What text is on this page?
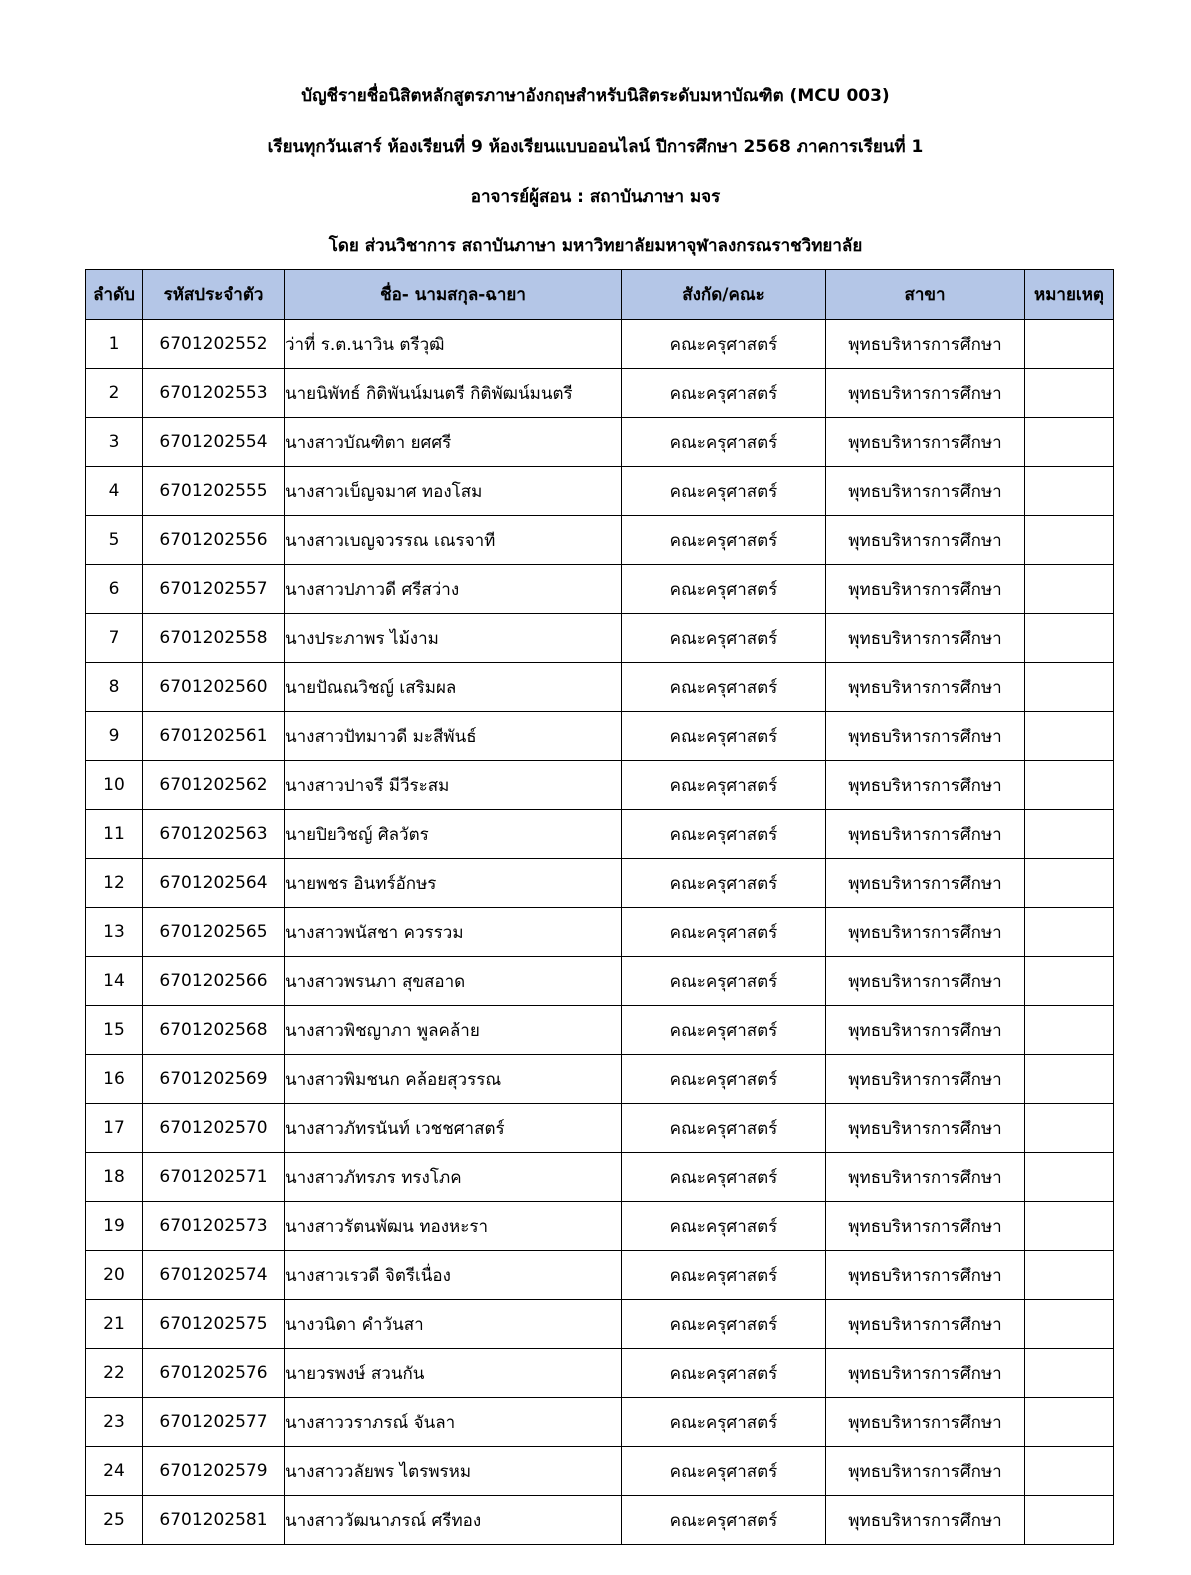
บัญชีรายชื่อนิสิตหลักสูตรภาษาอังกฤษสำหรับนิสิตระดับมหาบัณฑิต (MCU 003)
เรียนทุกวันเสาร์ ห้องเรียนที่ 9 ห้องเรียนแบบออนไลน์ ปีการศึกษา 2568 ภาคการเรียนที่ 1
อาจารย์ผู้สอน : สถาบันภาษา มจร
โดย ส่วนวิชาการ สถาบันภาษา มหาวิทยาลัยมหาจุฬาลงกรณราชวิทยาลัย
ลำดับ	รหัสประจำตัว	ชื่อ- นามสกุล-ฉายา	สังกัด/คณะ	สาขา	หมายเหตุ
1	6701202552	ว่าที่ ร.ต.นาวิน ตรีวุฒิ	คณะครุศาสตร์	พุทธบริหารการศึกษา	
2	6701202553	นายนิพัทธ์ กิติพันน์มนตรี กิติพัฒน์มนตรี	คณะครุศาสตร์	พุทธบริหารการศึกษา	
3	6701202554	นางสาวบัณฑิตา ยศศรี	คณะครุศาสตร์	พุทธบริหารการศึกษา	
4	6701202555	นางสาวเบ็ญจมาศ ทองโสม	คณะครุศาสตร์	พุทธบริหารการศึกษา	
5	6701202556	นางสาวเบญจวรรณ เณรจาที	คณะครุศาสตร์	พุทธบริหารการศึกษา	
6	6701202557	นางสาวปภาวดี ศรีสว่าง	คณะครุศาสตร์	พุทธบริหารการศึกษา	
7	6701202558	นางประภาพร ไม้งาม	คณะครุศาสตร์	พุทธบริหารการศึกษา	
8	6701202560	นายปัณณวิชญ์ เสริมผล	คณะครุศาสตร์	พุทธบริหารการศึกษา	
9	6701202561	นางสาวปัทมาวดี มะสีพันธ์	คณะครุศาสตร์	พุทธบริหารการศึกษา	
10	6701202562	นางสาวปาจรี มีวีระสม	คณะครุศาสตร์	พุทธบริหารการศึกษา	
11	6701202563	นายปิยวิชญ์ ศิลวัตร	คณะครุศาสตร์	พุทธบริหารการศึกษา	
12	6701202564	นายพชร อินทร์อักษร	คณะครุศาสตร์	พุทธบริหารการศึกษา	
13	6701202565	นางสาวพนัสชา ควรรวม	คณะครุศาสตร์	พุทธบริหารการศึกษา	
14	6701202566	นางสาวพรนภา สุขสอาด	คณะครุศาสตร์	พุทธบริหารการศึกษา	
15	6701202568	นางสาวพิชญาภา พูลคล้าย	คณะครุศาสตร์	พุทธบริหารการศึกษา	
16	6701202569	นางสาวพิมชนก คล้อยสุวรรณ	คณะครุศาสตร์	พุทธบริหารการศึกษา	
17	6701202570	นางสาวภัทรนันท์ เวชชศาสตร์	คณะครุศาสตร์	พุทธบริหารการศึกษา	
18	6701202571	นางสาวภัทรภร ทรงโภค	คณะครุศาสตร์	พุทธบริหารการศึกษา	
19	6701202573	นางสาวรัตนพัฒน ทองหะรา	คณะครุศาสตร์	พุทธบริหารการศึกษา	
20	6701202574	นางสาวเรวดี จิตรีเนื่อง	คณะครุศาสตร์	พุทธบริหารการศึกษา	
21	6701202575	นางวนิดา คำวันสา	คณะครุศาสตร์	พุทธบริหารการศึกษา	
22	6701202576	นายวรพงษ์ สวนกัน	คณะครุศาสตร์	พุทธบริหารการศึกษา	
23	6701202577	นางสาววราภรณ์ จันลา	คณะครุศาสตร์	พุทธบริหารการศึกษา	
24	6701202579	นางสาววลัยพร ไตรพรหม	คณะครุศาสตร์	พุทธบริหารการศึกษา	
25	6701202581	นางสาววัฒนาภรณ์ ศรีทอง	คณะครุศาสตร์	พุทธบริหารการศึกษา	
